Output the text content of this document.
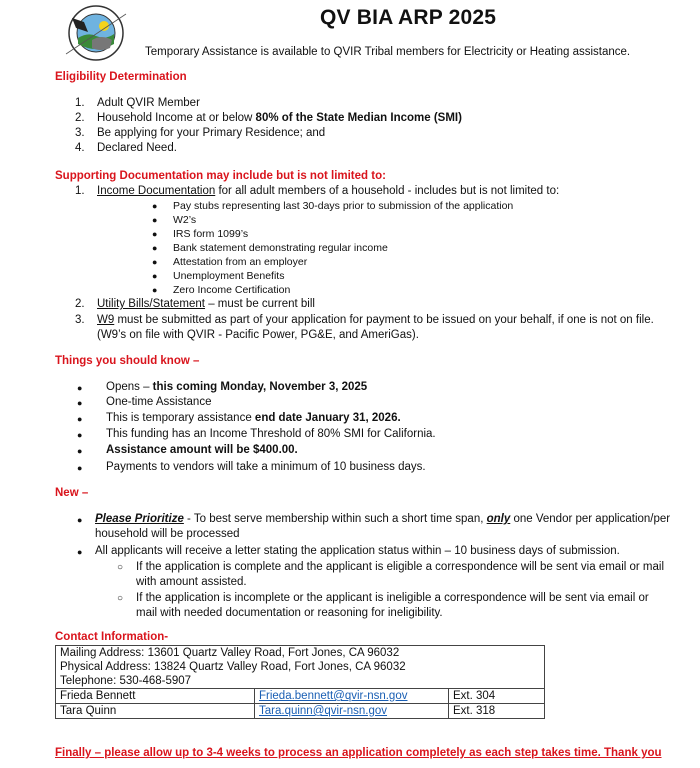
QV BIA ARP 2025
Temporary Assistance is available to QVIR Tribal members for Electricity or Heating assistance.
Eligibility Determination
1. Adult QVIR Member
2. Household Income at or below 80% of the State Median Income (SMI)
3. Be applying for your Primary Residence; and
4. Declared Need.
Supporting Documentation may include but is not limited to:
1. Income Documentation for all adult members of a household - includes but is not limited to:
● Pay stubs representing last 30-days prior to submission of the application
● W2’s
● IRS form 1099’s
● Bank statement demonstrating regular income
● Attestation from an employer
● Unemployment Benefits
● Zero Income Certification
2. Utility Bills/Statement – must be current bill
3. W9 must be submitted as part of your application for payment to be issued on your behalf, if one is not on file.
(W9’s on file with QVIR - Pacific Power, PG&E, and AmeriGas).
Things you should know –
● Opens – this coming Monday, November 3, 2025
● One-time Assistance
● This is temporary assistance end date January 31, 2026.
● This funding has an Income Threshold of 80% SMI for California.
● Assistance amount will be $400.00.
● Payments to vendors will take a minimum of 10 business days.
New –
● Please Prioritize - To best serve membership within such a short time span, only one Vendor per application/per
household will be processed
● All applicants will receive a letter stating the application status within – 10 business days of submission.
○ If the application is complete and the applicant is eligible a correspondence will be sent via email or mail
with amount assisted.
○ If the application is incomplete or the applicant is ineligible a correspondence will be sent via email or
mail with needed documentation or reasoning for ineligibility.
Contact Information-
Mailing Address: 13601 Quartz Valley Road, Fort Jones, CA 96032		
Physical Address: 13824 Quartz Valley Road, Fort Jones, CA 96032		
Telephone: 530-468-5907		
Frieda Bennett	Frieda.bennett@qvir-nsn.gov	Ext. 304
Tara Quinn	Tara.quinn@qvir-nsn.gov	Ext. 318
Finally – please allow up to 3-4 weeks to process an application completely as each step takes time. Thank you
